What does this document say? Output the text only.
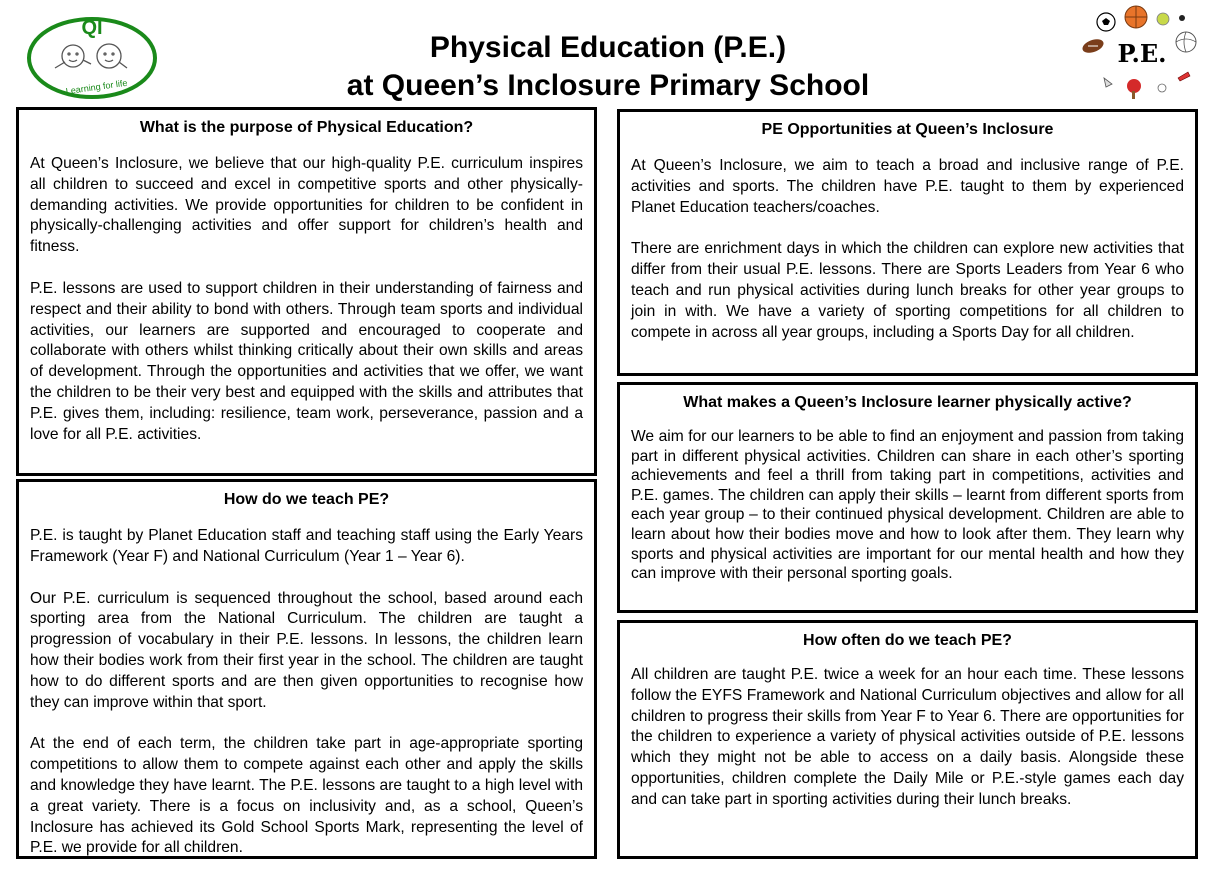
QI
Learning for life
Physical Education (P.E.)
at Queen’s Inclosure Primary School
P.E.
What is the purpose of Physical Education?

At Queen’s Inclosure, we believe that our high-quality P.E. curriculum inspires all children to succeed and excel in competitive sports and other physically-demanding activities. We provide opportunities for children to be confident in physically-challenging activities and offer support for children’s health and fitness.

P.E. lessons are used to support children in their understanding of fairness and respect and their ability to bond with others. Through team sports and individual activities, our learners are supported and encouraged to cooperate and collaborate with others whilst thinking critically about their own skills and areas of development. Through the opportunities and activities that we offer, we want the children to be their very best and equipped with the skills and attributes that P.E. gives them, including: resilience, team work, perseverance, passion and a love for all P.E. activities.

How do we teach PE?

P.E. is taught by Planet Education staff and teaching staff using the Early Years Framework (Year F) and National Curriculum (Year 1 – Year 6).

Our P.E. curriculum is sequenced throughout the school, based around each sporting area from the National Curriculum. The children are taught a progression of vocabulary in their P.E. lessons. In lessons, the children learn how their bodies work from their first year in the school. The children are taught how to do different sports and are then given opportunities to recognise how they can improve within that sport.

At the end of each term, the children take part in age-appropriate sporting competitions to allow them to compete against each other and apply the skills and knowledge they have learnt. The P.E. lessons are taught to a high level with a great variety. There is a focus on inclusivity and, as a school, Queen’s Inclosure has achieved its Gold School Sports Mark, representing the level of P.E. we provide for all children.

PE Opportunities at Queen’s Inclosure

At Queen’s Inclosure, we aim to teach a broad and inclusive range of P.E. activities and sports. The children have P.E. taught to them by experienced Planet Education teachers/coaches.

There are enrichment days in which the children can explore new activities that differ from their usual P.E. lessons. There are Sports Leaders from Year 6 who teach and run physical activities during lunch breaks for other year groups to join in with. We have a variety of sporting competitions for all children to compete in across all year groups, including a Sports Day for all children.

What makes a Queen’s Inclosure learner physically active?

We aim for our learners to be able to find an enjoyment and passion from taking part in different physical activities. Children can share in each other’s sporting achievements and feel a thrill from taking part in competitions, activities and P.E. games. The children can apply their skills – learnt from different sports from each year group – to their continued physical development. Children are able to learn about how their bodies move and how to look after them. They learn why sports and physical activities are important for our mental health and how they can improve with their personal sporting goals.

How often do we teach PE?

All children are taught P.E. twice a week for an hour each time. These lessons follow the EYFS Framework and National Curriculum objectives and allow for all children to progress their skills from Year F to Year 6. There are opportunities for the children to experience a variety of physical activities outside of P.E. lessons which they might not be able to access on a daily basis. Alongside these opportunities, children complete the Daily Mile or P.E.-style games each day and can take part in sporting activities during their lunch breaks.
